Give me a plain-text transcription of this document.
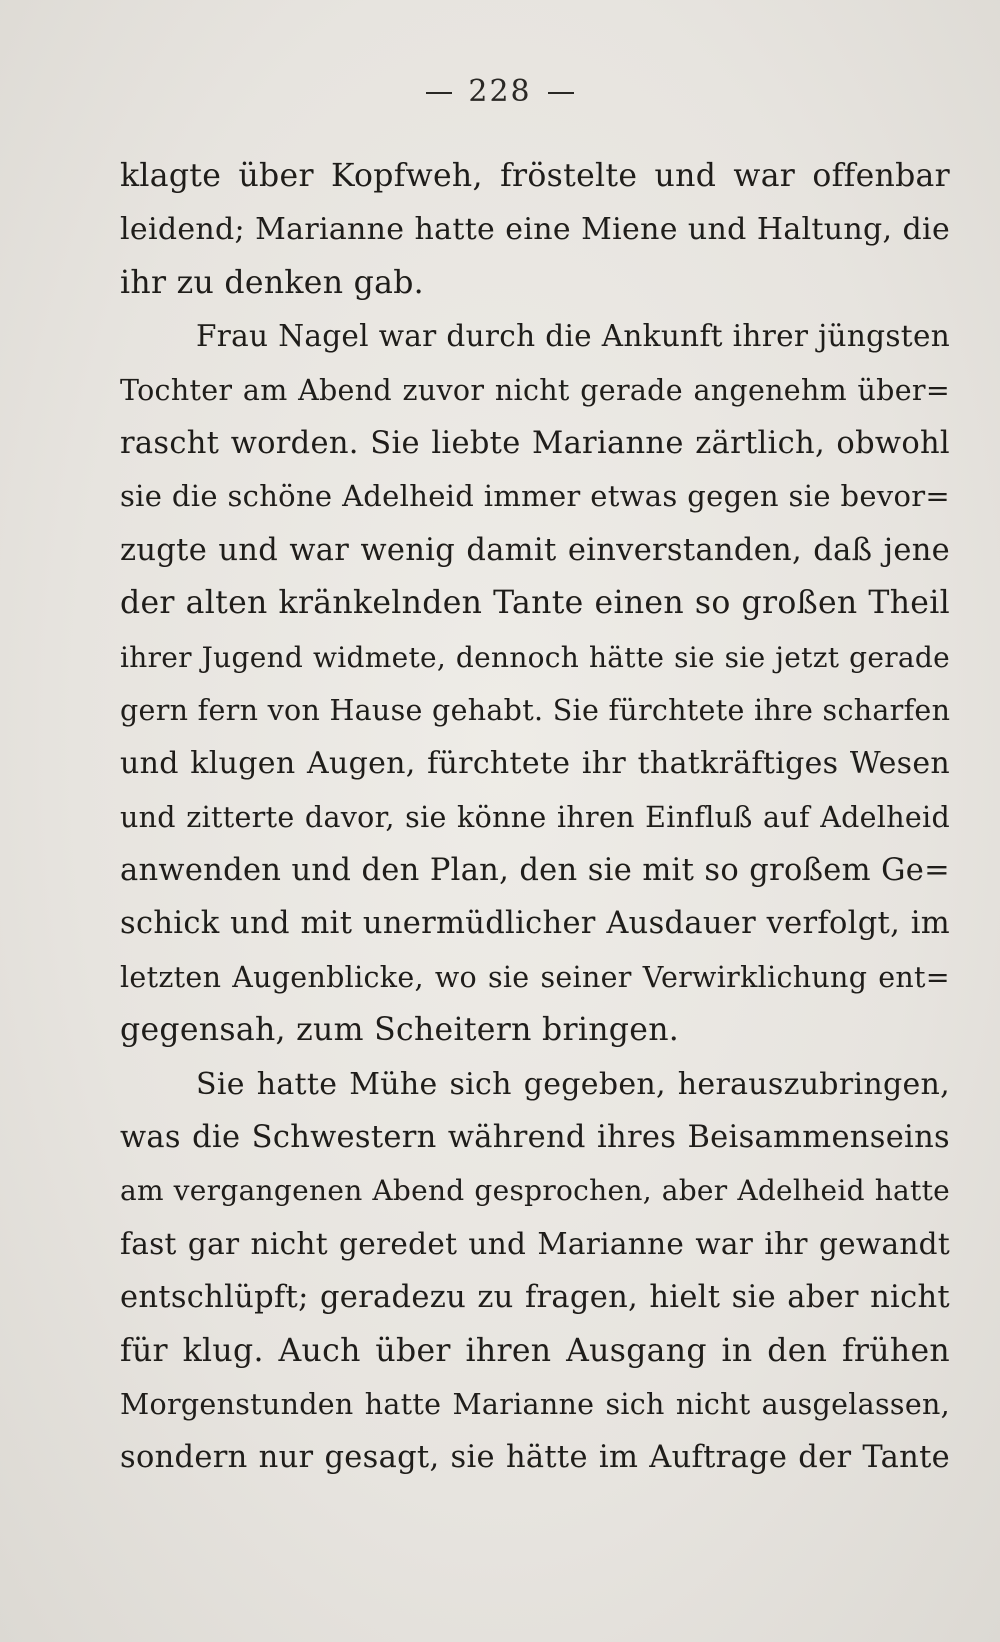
228
klagte über Kopfweh, fröstelte und war offenbar
leidend; Marianne hatte eine Miene und Haltung, die
ihr zu denken gab.
Frau Nagel war durch die Ankunft ihrer jüngsten
Tochter am Abend zuvor nicht gerade angenehm über=
rascht worden. Sie liebte Marianne zärtlich, obwohl
sie die schöne Adelheid immer etwas gegen sie bevor=
zugte und war wenig damit einverstanden, daß jene
der alten kränkelnden Tante einen so großen Theil
ihrer Jugend widmete, dennoch hätte sie sie jetzt gerade
gern fern von Hause gehabt. Sie fürchtete ihre scharfen
und klugen Augen, fürchtete ihr thatkräftiges Wesen
und zitterte davor, sie könne ihren Einfluß auf Adelheid
anwenden und den Plan, den sie mit so großem Ge=
schick und mit unermüdlicher Ausdauer verfolgt, im
letzten Augenblicke, wo sie seiner Verwirklichung ent=
gegensah, zum Scheitern bringen.
Sie hatte Mühe sich gegeben, herauszubringen,
was die Schwestern während ihres Beisammenseins
am vergangenen Abend gesprochen, aber Adelheid hatte
fast gar nicht geredet und Marianne war ihr gewandt
entschlüpft; geradezu zu fragen, hielt sie aber nicht
für klug. Auch über ihren Ausgang in den frühen
Morgenstunden hatte Marianne sich nicht ausgelassen,
sondern nur gesagt, sie hätte im Auftrage der Tante
